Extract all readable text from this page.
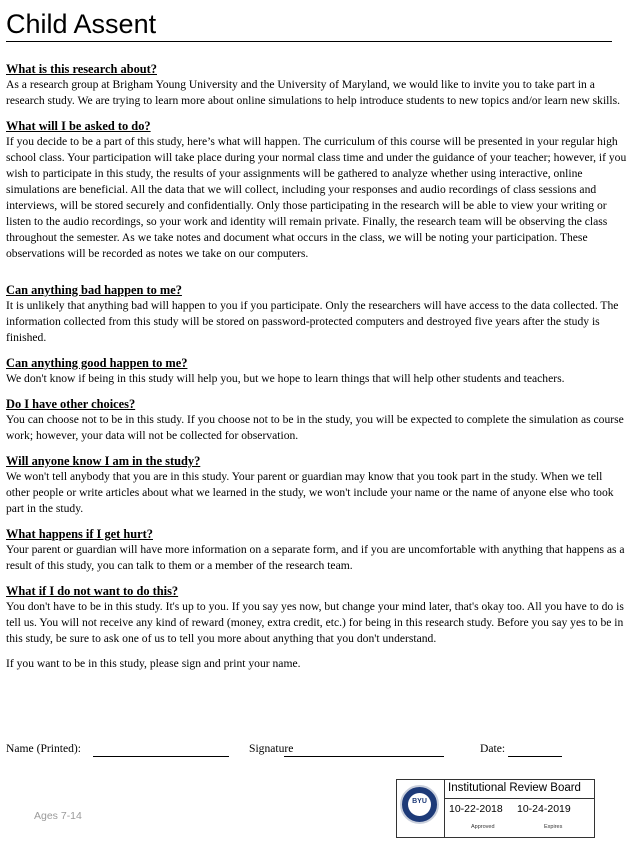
Child Assent
What is this research about?

As a research group at Brigham Young University and the University of Maryland, we would like to invite you to take part in a research study. We are trying to learn more about online simulations to help introduce students to new topics and/or learn new skills.

What will I be asked to do?

If you decide to be a part of this study, here’s what will happen. The curriculum of this course will be presented in your regular high school class. Your participation will take place during your normal class time and under the guidance of your teacher; however, if you wish to participate in this study, the results of your assignments will be gathered to analyze whether using interactive, online simulations are beneficial. All the data that we will collect, including your responses and audio recordings of class sessions and interviews, will be stored securely and confidentially. Only those participating in the research will be able to view your writing or listen to the audio recordings, so your work and identity will remain private. Finally, the research team will be observing the class throughout the semester. As we take notes and document what occurs in the class, we will be noting your participation. These observations will be recorded as notes we take on our computers.

Can anything bad happen to me?

It is unlikely that anything bad will happen to you if you participate. Only the researchers will have access to the data collected. The information collected from this study will be stored on password-protected computers and destroyed five years after the study is finished.

Can anything good happen to me?

We don't know if being in this study will help you, but we hope to learn things that will help other students and teachers.

Do I have other choices?

You can choose not to be in this study. If you choose not to be in the study, you will be expected to complete the simulation as course work; however, your data will not be collected for observation.

Will anyone know I am in the study?

We won't tell anybody that you are in this study. Your parent or guardian may know that you took part in the study. When we tell other people or write articles about what we learned in the study, we won't include your name or the name of anyone else who took part in the study.

What happens if I get hurt?

Your parent or guardian will have more information on a separate form, and if you are uncomfortable with anything that happens as a result of this study, you can talk to them or a member of the research team.

What if I do not want to do this?

You don't have to be in this study. It's up to you. If you say yes now, but change your mind later, that's okay too. All you have to do is tell us. You will not receive any kind of reward (money, extra credit, etc.) for being in this research study. Before you say yes to be in this study, be sure to ask one of us to tell you more about anything that you don't understand.

If you want to be in this study, please sign and print your name.

Name (Printed):	Signature	Date:
Ages 7-14
BYU
Institutional Review Board
10-22-2018 10-24-2019
Approved	Expires
